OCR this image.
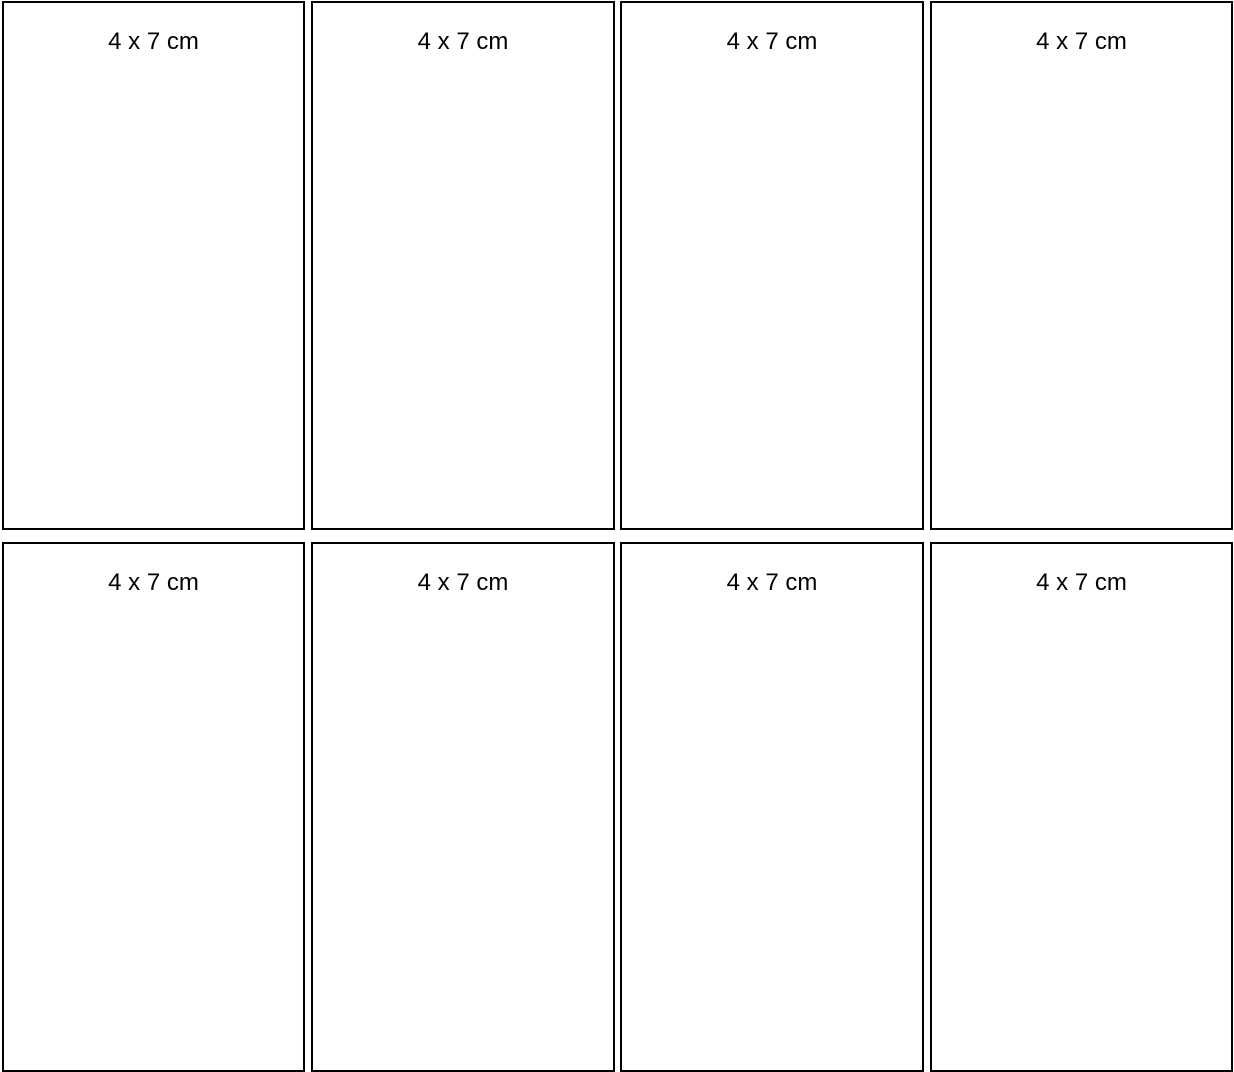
4 x 7 cm	4 x 7 cm	4 x 7 cm	4 x 7 cm
4 x 7 cm	4 x 7 cm	4 x 7 cm	4 x 7 cm
